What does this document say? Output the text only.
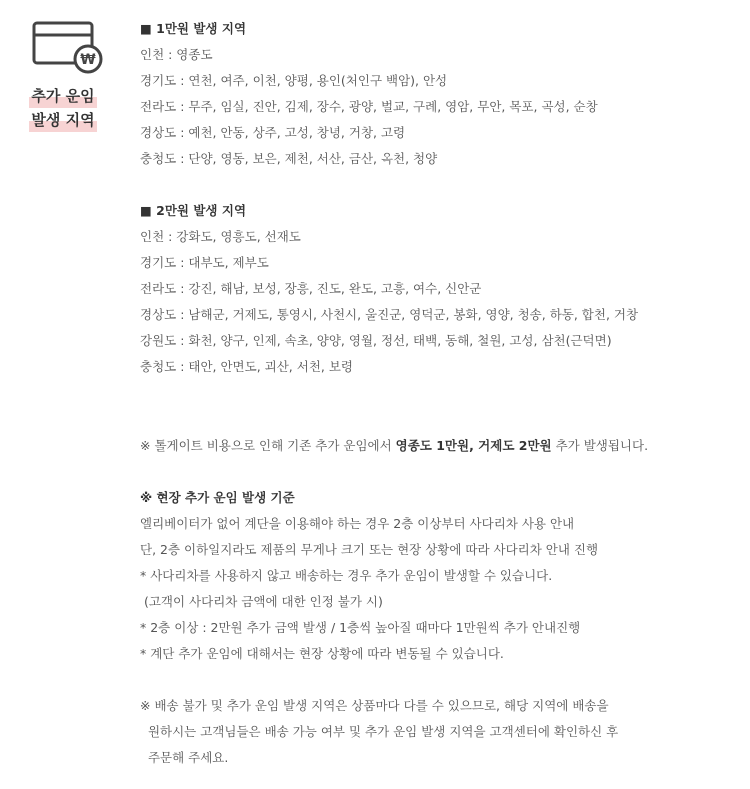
₩
추가 운임
발생 지역
■ 1만원 발생 지역
인천 : 영종도
경기도 : 연천, 여주, 이천, 양평, 용인(처인구 백암), 안성
전라도 : 무주, 임실, 진안, 김제, 장수, 광양, 벌교, 구례, 영암, 무안, 목포, 곡성, 순창
경상도 : 예천, 안동, 상주, 고성, 창녕, 거창, 고령
충청도 : 단양, 영동, 보은, 제천, 서산, 금산, 옥천, 청양
■ 2만원 발생 지역
인천 : 강화도, 영흥도, 선재도
경기도 : 대부도, 제부도
전라도 : 강진, 해남, 보성, 장흥, 진도, 완도, 고흥, 여수, 신안군
경상도 : 남해군, 거제도, 통영시, 사천시, 울진군, 영덕군, 봉화, 영양, 청송, 하동, 합천, 거창
강원도 : 화천, 양구, 인제, 속초, 양양, 영월, 정선, 태백, 동해, 철원, 고성, 삼천(근덕면)
충청도 : 태안, 안면도, 괴산, 서천, 보령
※ 톨게이트 비용으로 인해 기존 추가 운임에서 영종도 1만원, 거제도 2만원 추가 발생됩니다.
※ 현장 추가 운임 발생 기준
엘리베이터가 없어 계단을 이용해야 하는 경우 2층 이상부터 사다리차 사용 안내
단, 2층 이하일지라도 제품의 무게나 크기 또는 현장 상황에 따라 사다리차 안내 진행
* 사다리차를 사용하지 않고 배송하는 경우 추가 운임이 발생할 수 있습니다.
(고객이 사다리차 금액에 대한 인정 불가 시)
* 2층 이상 : 2만원 추가 금액 발생 / 1층씩 높아질 때마다 1만원씩 추가 안내진행
* 계단 추가 운임에 대해서는 현장 상황에 따라 변동될 수 있습니다.
※ 배송 불가 및 추가 운임 발생 지역은 상품마다 다를 수 있으므로, 해당 지역에 배송을
원하시는 고객님들은 배송 가능 여부 및 추가 운임 발생 지역을 고객센터에 확인하신 후
주문해 주세요.
